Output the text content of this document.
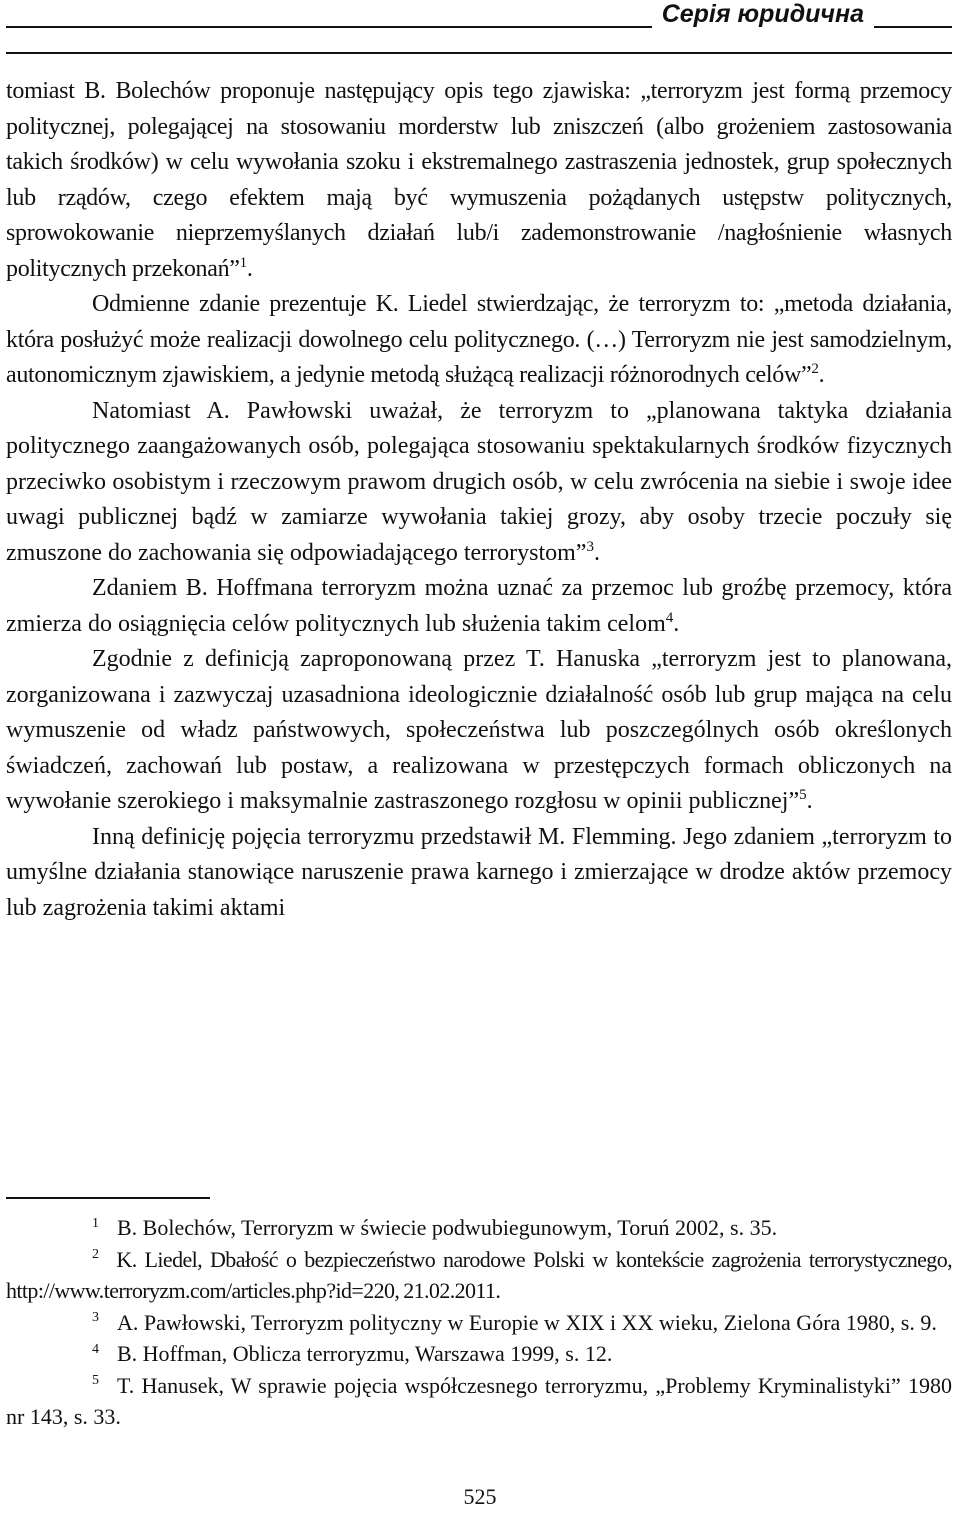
Серія юридична

tomiast B. Bolechów proponuje następujący opis tego zjawiska: „terroryzm jest formą przemocy politycznej, polegającej na stosowaniu morderstw lub zniszczeń (albo grożeniem zastosowania takich środków) w celu wywołania szoku i ekstremalnego zastraszenia jednostek, grup społecznych lub rządów, czego efektem mają być wymuszenia pożądanych ustępstw politycznych, sprowokowanie nieprzemyślanych działań lub/i zademonstrowanie /nagłośnienie własnych politycznych przekonań”$^1$.

Odmienne zdanie prezentuje K. Liedel stwierdzając, że terroryzm to: „metoda działania, która posłużyć może realizacji dowolnego celu politycznego. (…) Terroryzm nie jest samodzielnym, autonomicznym zjawiskiem, a jedynie metodą służącą realizacji różnorodnych celów”$^2$.

Natomiast A. Pawłowski uważał, że terroryzm to „planowana taktyka działania politycznego zaangażowanych osób, polegająca stosowaniu spektakularnych środków fizycznych przeciwko osobistym i rzeczowym prawom drugich osób, w celu zwrócenia na siebie i swoje idee uwagi publicznej bądź w zamiarze wywołania takiej grozy, aby osoby trzecie poczuły się zmuszone do zachowania się odpowiadającego terrorystom”$^3$.

Zdaniem B. Hoffmana terroryzm można uznać za przemoc lub groźbę przemocy, która zmierza do osiągnięcia celów politycznych lub służenia takim celom$^4$.

Zgodnie z definicją zaproponowaną przez T. Hanuska „terroryzm jest to planowana, zorganizowana i zazwyczaj uzasadniona ideologicznie działalność osób lub grup mająca na celu wymuszenie od władz państwowych, społeczeństwa lub poszczególnych osób określonych świadczeń, zachowań lub postaw, a realizowana w przestępczych formach obliczonych na wywołanie szerokiego i maksymalnie zastraszonego rozgłosu w opinii publicznej”$^5$.

Inną definicję pojęcia terroryzmu przedstawił M. Flemming. Jego zdaniem „terroryzm to umyślne działania stanowiące naruszenie prawa karnego i zmierzające w drodze aktów przemocy lub zagrożenia takimi aktami

$^1$ B. Bolechów, Terroryzm w świecie podwubiegunowym, Toruń 2002, s. 35.

$^2$ K. Liedel, Dbałość o bezpieczeństwo narodowe Polski w kontekście zagrożenia terrorystycznego, http://www.terroryzm.com/articles.php?id=220, 21.02.2011.

$^3$ A. Pawłowski, Terroryzm polityczny w Europie w XIX i XX wieku, Zielona Góra 1980, s. 9.

$^4$ B. Hoffman, Oblicza terroryzmu, Warszawa 1999, s. 12.

$^5$ T. Hanusek, W sprawie pojęcia współczesnego terroryzmu, „Problemy Kryminalistyki” 1980 nr 143, s. 33.

525
